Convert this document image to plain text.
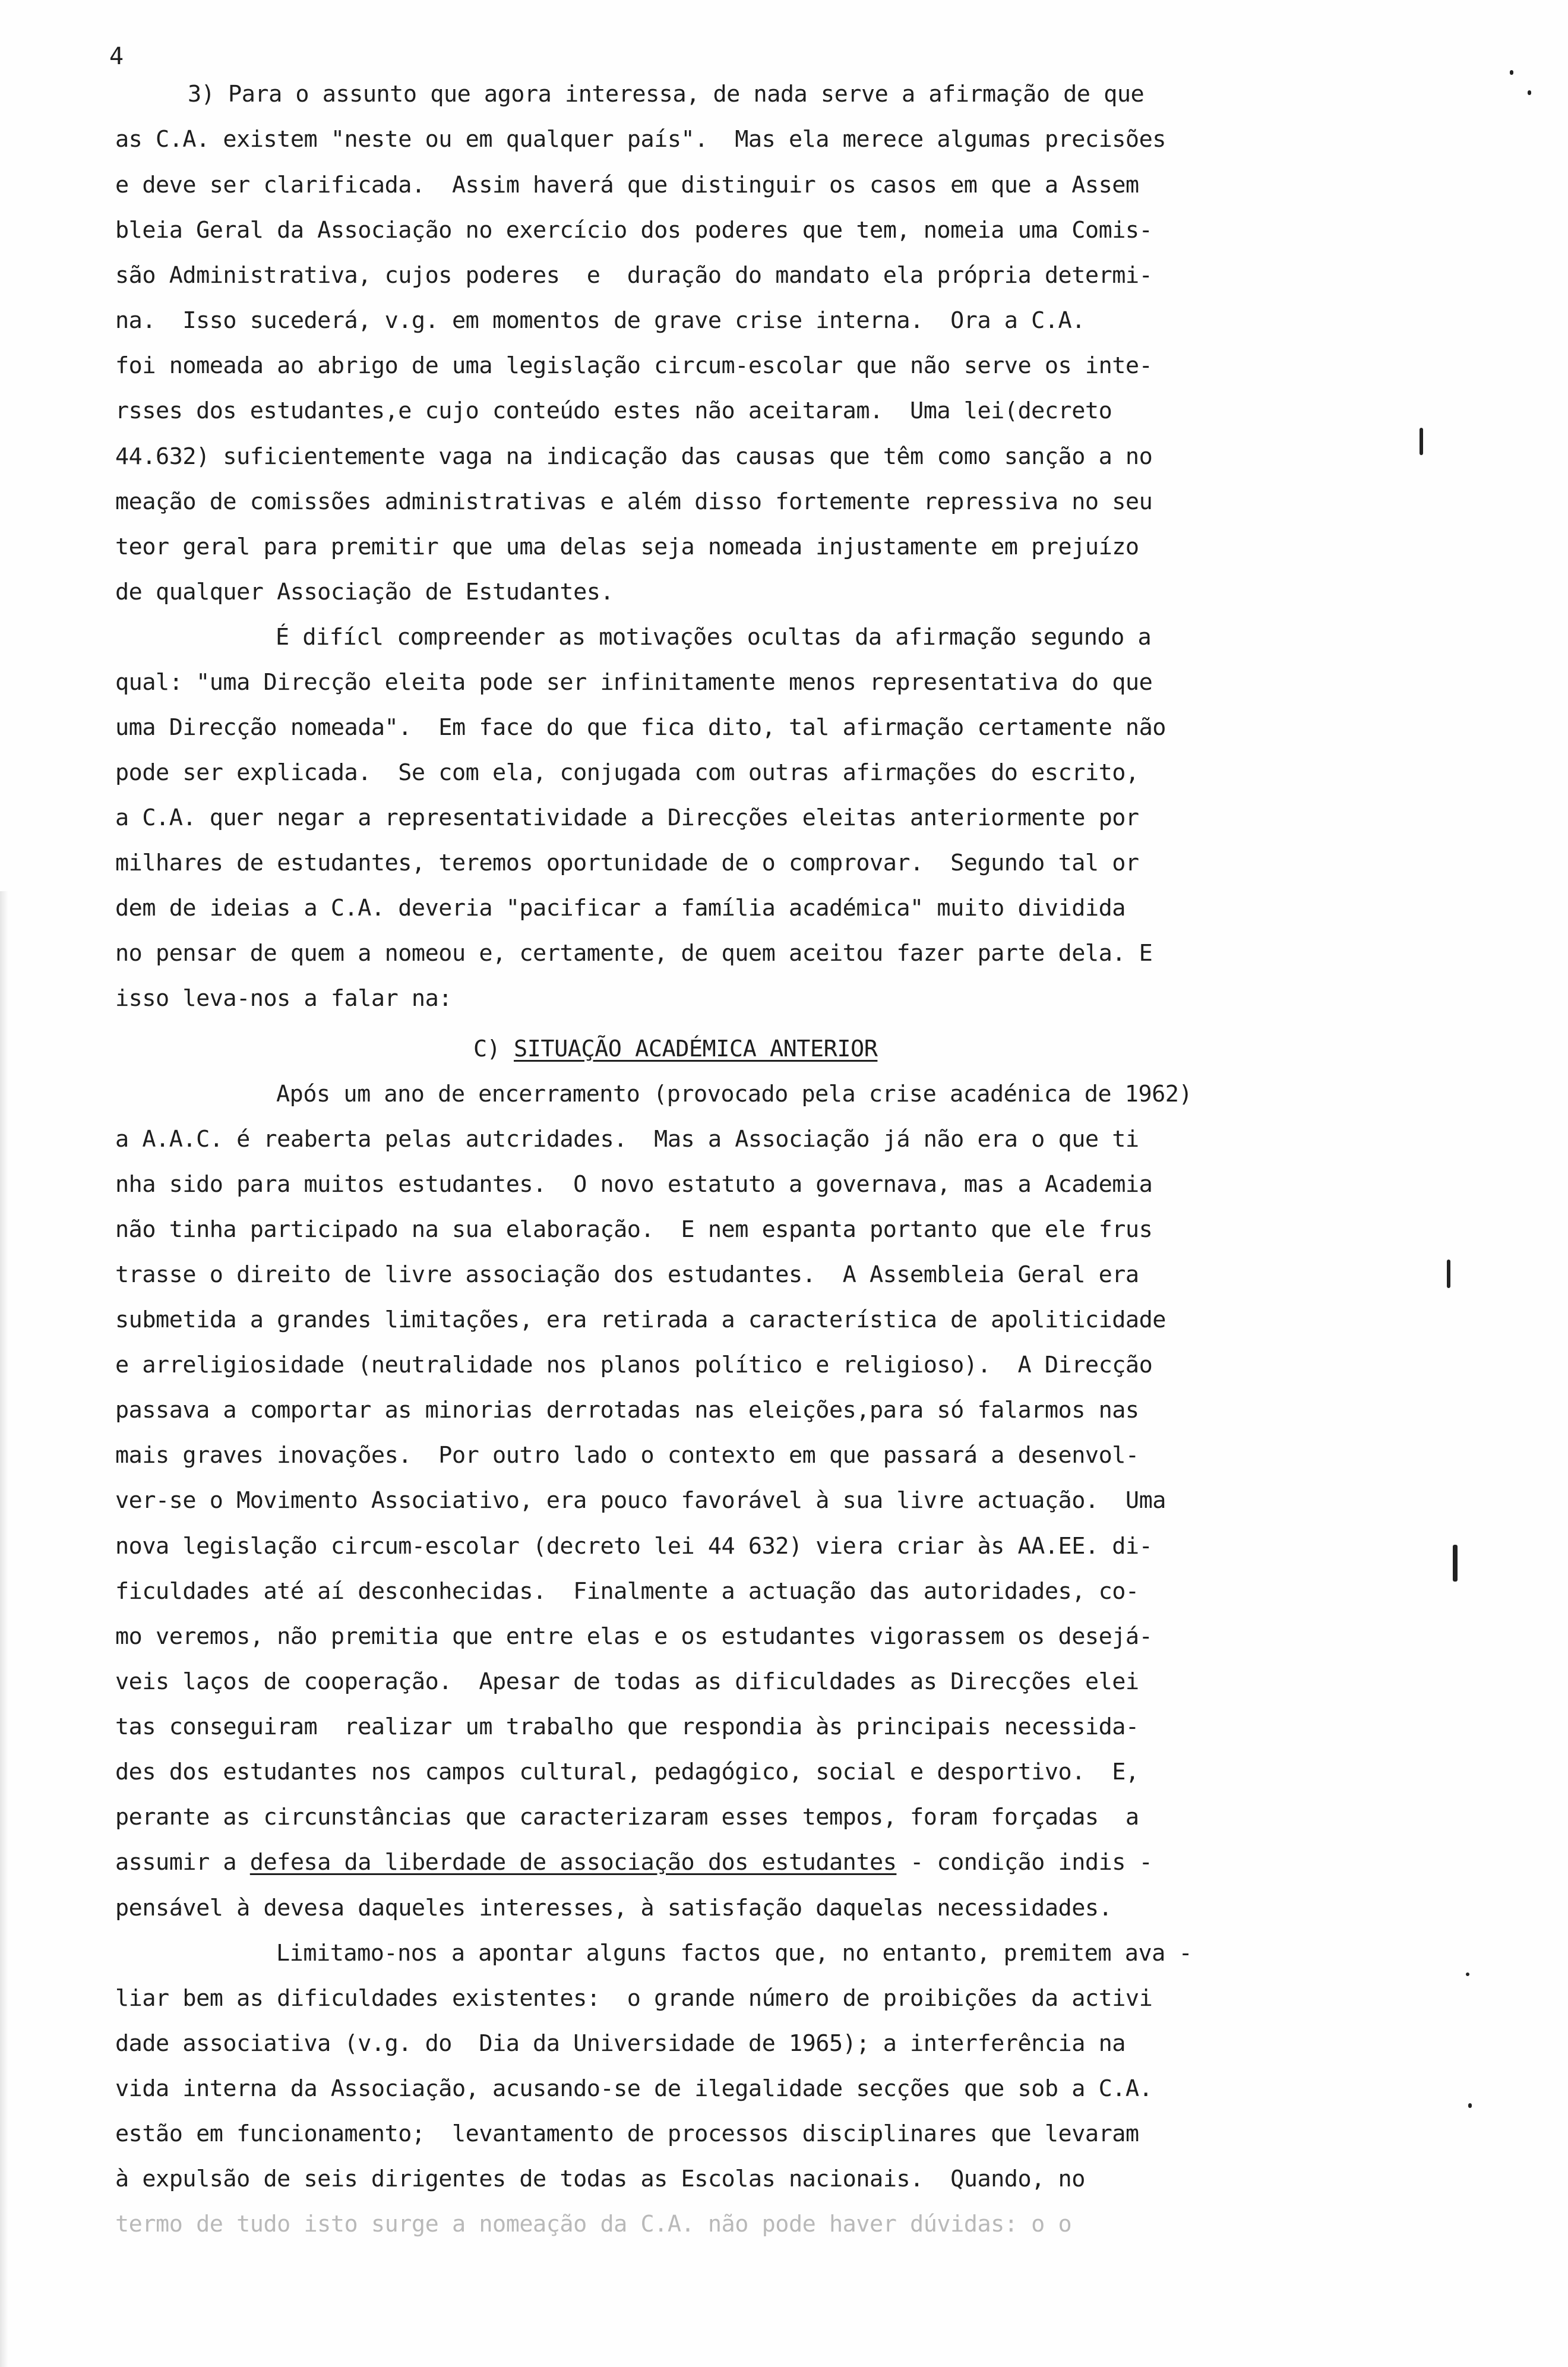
4
3) Para o assunto que agora interessa, de nada serve a afirmação de que
as C.A. existem "neste ou em qualquer país".  Mas ela merece algumas precisões
e deve ser clarificada.  Assim haverá que distinguir os casos em que a Assem
bleia Geral da Associação no exercício dos poderes que tem, nomeia uma Comis-
são Administrativa, cujos poderes  e  duração do mandato ela própria determi-
na.  Isso sucederá, v.g. em momentos de grave crise interna.  Ora a C.A.
foi nomeada ao abrigo de uma legislação circum-escolar que não serve os inte-
rsses dos estudantes,e cujo conteúdo estes não aceitaram.  Uma lei(decreto
44.632) suficientemente vaga na indicação das causas que têm como sanção a no
meação de comissões administrativas e além disso fortemente repressiva no seu
teor geral para premitir que uma delas seja nomeada injustamente em prejuízo
de qualquer Associação de Estudantes.
É difícl compreender as motivações ocultas da afirmação segundo a
qual: "uma Direcção eleita pode ser infinitamente menos representativa do que
uma Direcção nomeada".  Em face do que fica dito, tal afirmação certamente não
pode ser explicada.  Se com ela, conjugada com outras afirmações do escrito,
a C.A. quer negar a representatividade a Direcções eleitas anteriormente por
milhares de estudantes, teremos oportunidade de o comprovar.  Segundo tal or
dem de ideias a C.A. deveria "pacificar a família académica" muito dividida
no pensar de quem a nomeou e, certamente, de quem aceitou fazer parte dela. E
isso leva-nos a falar na:
Após um ano de encerramento (provocado pela crise acadénica de 1962)
a A.A.C. é reaberta pelas autcridades.  Mas a Associação já não era o que ti
nha sido para muitos estudantes.  O novo estatuto a governava, mas a Academia
não tinha participado na sua elaboração.  E nem espanta portanto que ele frus
trasse o direito de livre associação dos estudantes.  A Assembleia Geral era
submetida a grandes limitações, era retirada a característica de apoliticidade
e arreligiosidade (neutralidade nos planos político e religioso).  A Direcção
passava a comportar as minorias derrotadas nas eleições,para só falarmos nas
mais graves inovações.  Por outro lado o contexto em que passará a desenvol-
ver-se o Movimento Associativo, era pouco favorável à sua livre actuação.  Uma
nova legislação circum-escolar (decreto lei 44 632) viera criar às AA.EE. di-
ficuldades até aí desconhecidas.  Finalmente a actuação das autoridades, co-
mo veremos, não premitia que entre elas e os estudantes vigorassem os desejá-
veis laços de cooperação.  Apesar de todas as dificuldades as Direcções elei
tas conseguiram  realizar um trabalho que respondia às principais necessida-
des dos estudantes nos campos cultural, pedagógico, social e desportivo.  E,
perante as circunstâncias que caracterizaram esses tempos, foram forçadas  a
assumir a defesa da liberdade de associação dos estudantes - condição indis -
pensável à devesa daqueles interesses, à satisfação daquelas necessidades.
Limitamo-nos a apontar alguns factos que, no entanto, premitem ava -
liar bem as dificuldades existentes:  o grande número de proibições da activi
dade associativa (v.g. do  Dia da Universidade de 1965); a interferência na
vida interna da Associação, acusando-se de ilegalidade secções que sob a C.A.
estão em funcionamento;  levantamento de processos disciplinares que levaram
à expulsão de seis dirigentes de todas as Escolas nacionais.  Quando, no
termo de tudo isto surge a nomeação da C.A. não pode haver dúvidas: o o
C) SITUAÇÃO ACADÉMICA ANTERIOR
